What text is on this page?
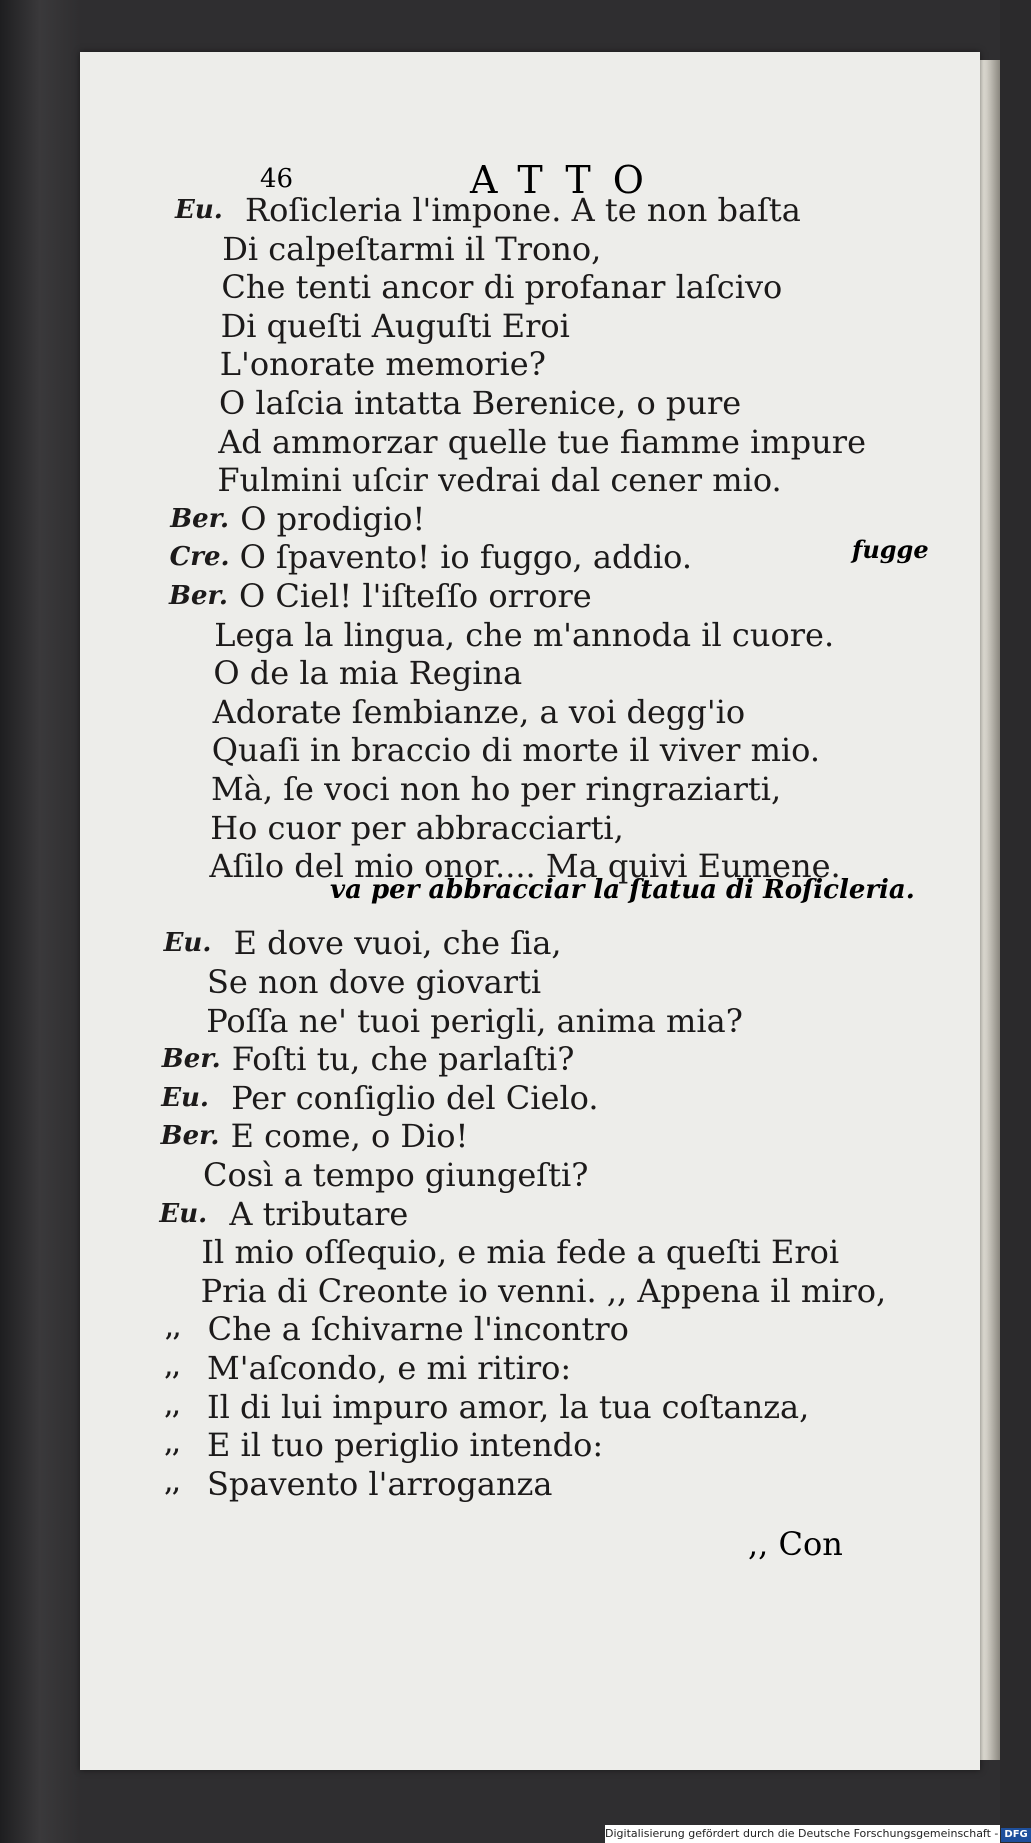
46	ATTO
Eu. Roſicleria l'impone. A te non baſta
Di calpeſtarmi il Trono,
Che tenti ancor di profanar laſcivo
Di queſti Auguſti Eroi
L'onorate memorie?
O laſcia intatta Berenice, o pure
Ad ammorzar quelle tue fiamme impure
Fulmini uſcir vedrai dal cener mio.
Ber. O prodigio!
Cre. O ſpavento! io fuggo, addio.
Ber. O Ciel! l'iſteſſo orrore
Lega la lingua, che m'annoda il cuore.
O de la mia Regina
Adorate ſembianze, a voi degg'io
Quaſi in braccio di morte il viver mio.
Mà, ſe voci non ho per ringraziarti,
Ho cuor per abbracciarti,
Aſilo del mio onor.... Ma quivi Eumene.
Eu. E dove vuoi, che ſia,
Se non dove giovarti
Poſſa ne' tuoi perigli, anima mia?
Ber. Foſti tu, che parlaſti?
Eu. Per conſiglio del Cielo.
Ber. E come, o Dio!
Così a tempo giungeſti?
Eu. A tributare
Il mio oſſequio, e mia fede a queſti Eroi
Pria di Creonte io venni. ,, Appena il miro,
,, Che a ſchivarne l'incontro
,, M'aſcondo, e mi ritiro:
,, Il di lui impuro amor, la tua coſtanza,
,, E il tuo periglio intendo:
,, Spavento l'arroganza
fugge
va per abbracciar la ſtatua di Roſicleria.
,, Con
Digitalisierung gefördert durch die Deutsche Forschungsgemeinschaft - DFG
